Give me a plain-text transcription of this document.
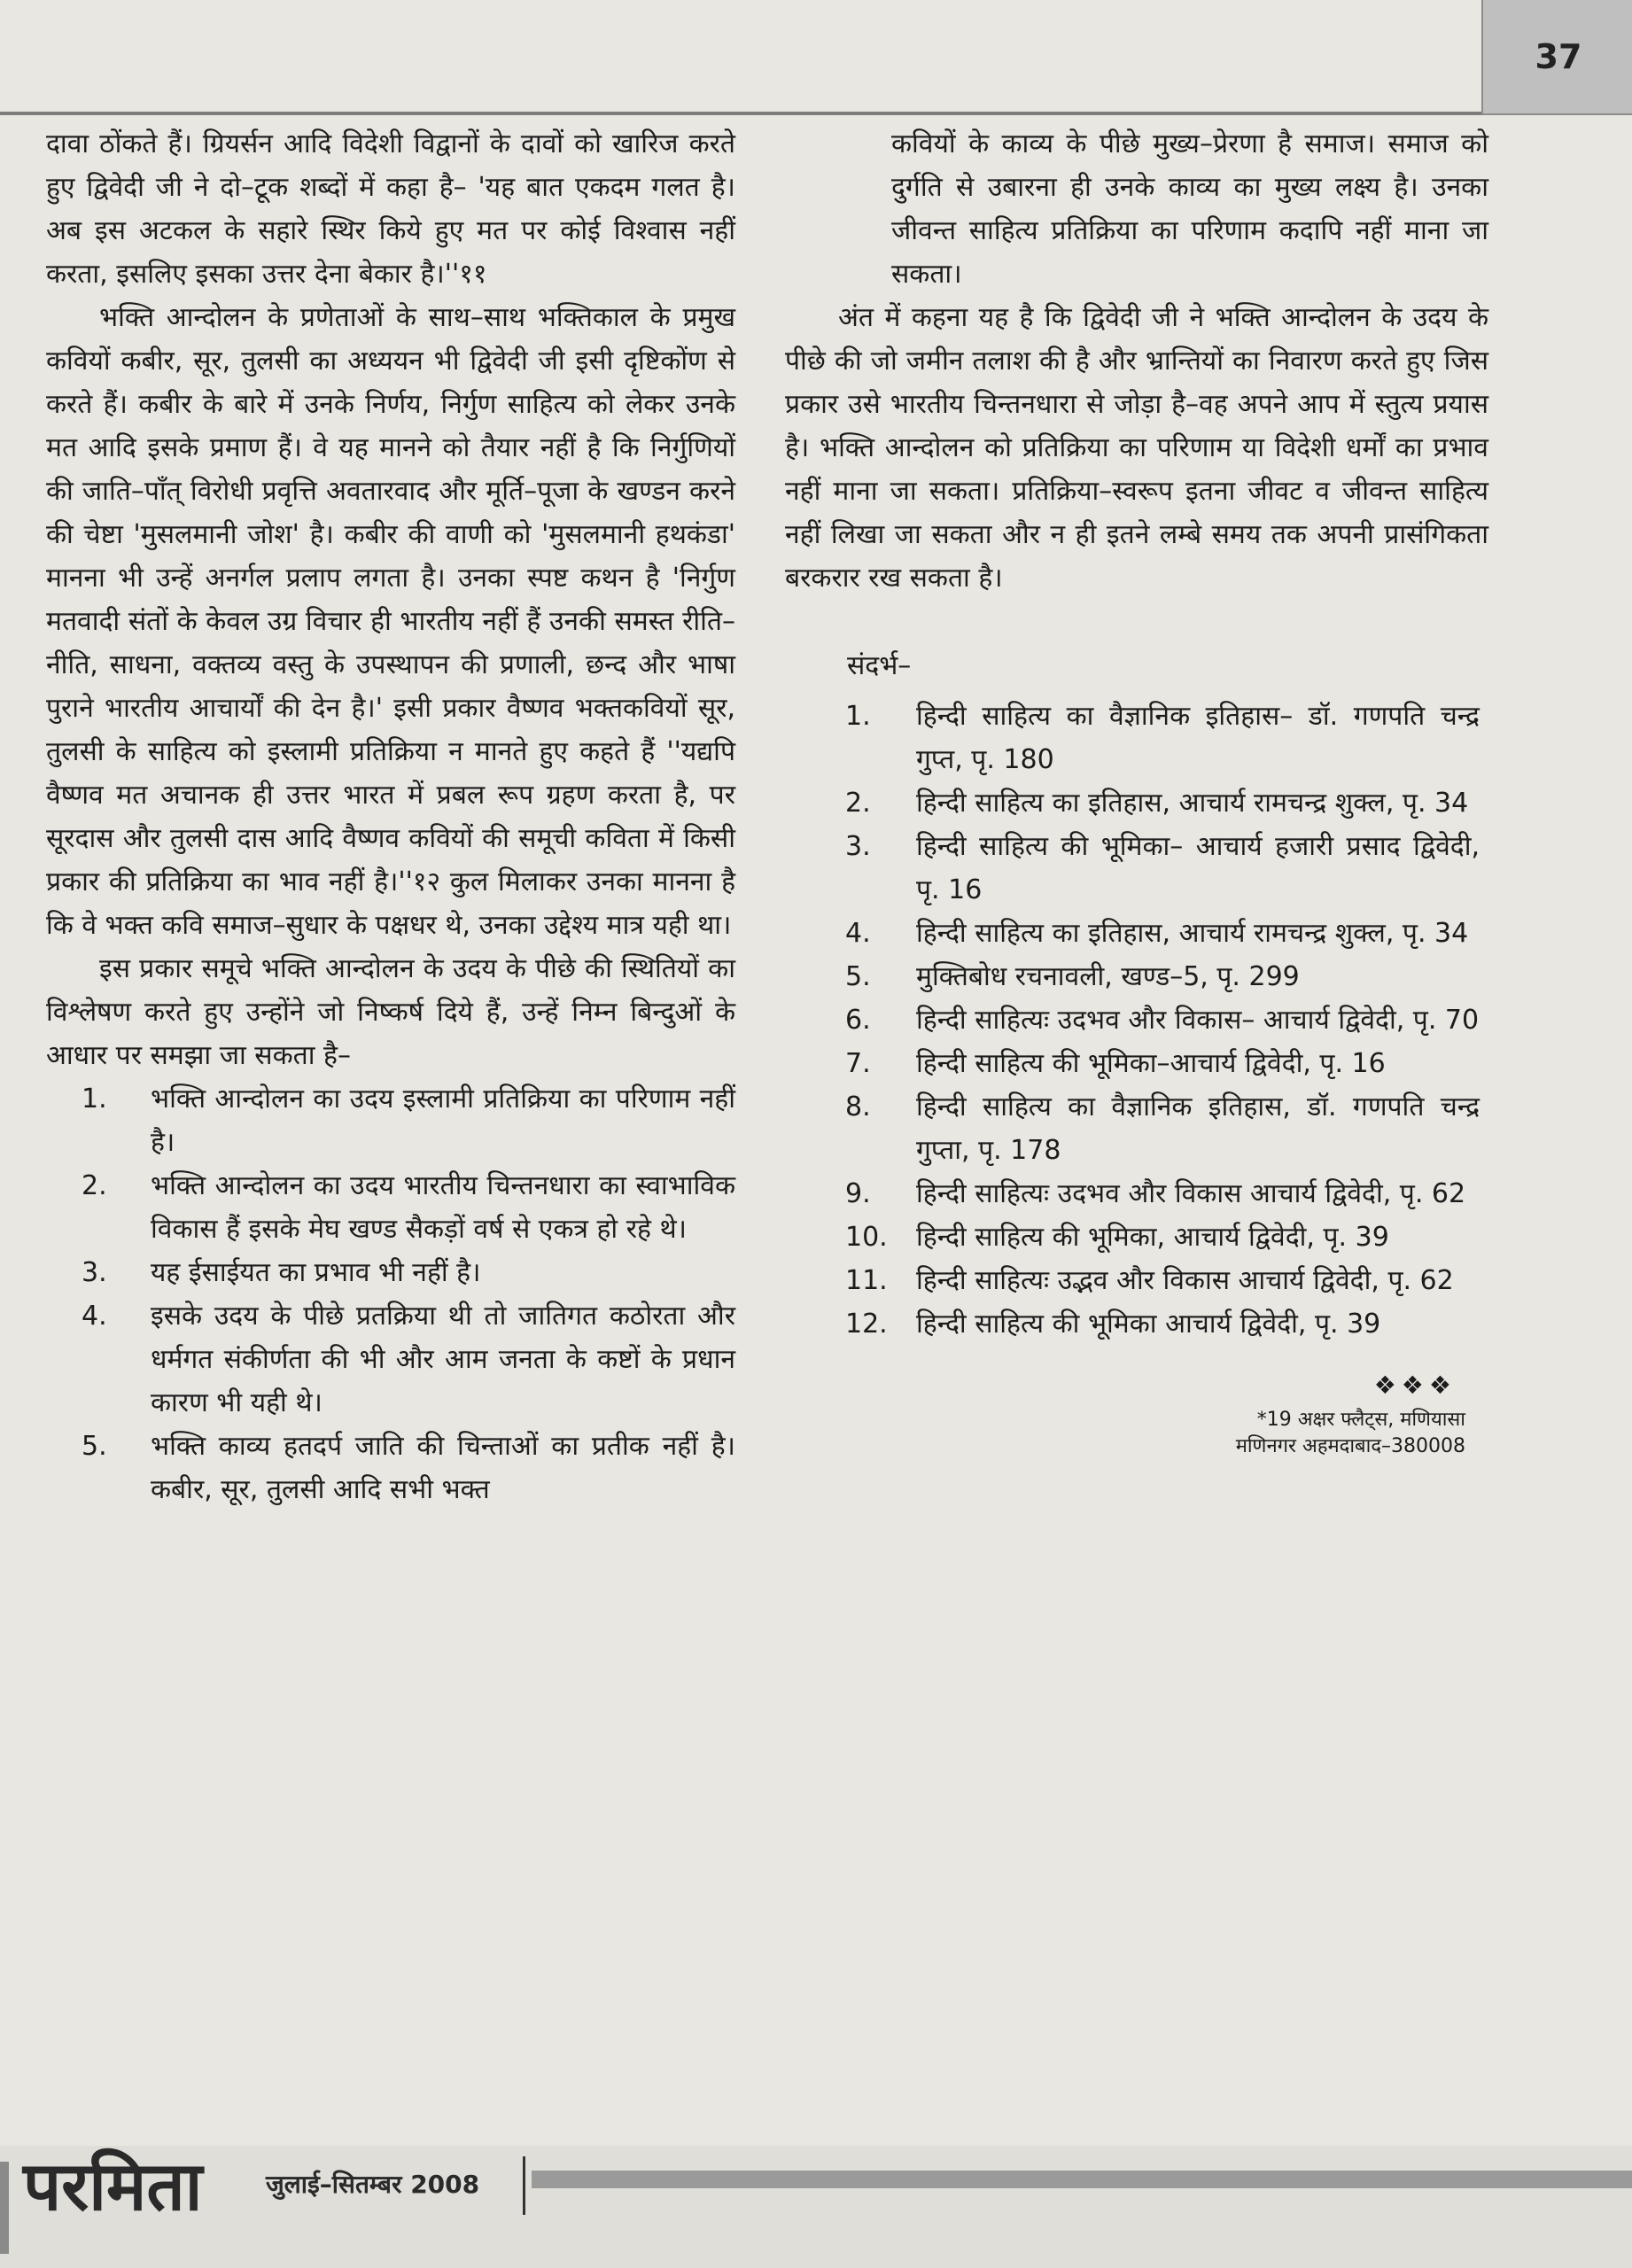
37

दावा ठोंकते हैं। ग्रियर्सन आदि विदेशी विद्वानों के दावों को खारिज करते हुए द्विवेदी जी ने दो–टूक शब्दों में कहा है– 'यह बात एकदम गलत है। अब इस अटकल के सहारे स्थिर किये हुए मत पर कोई विश्वास नहीं करता, इसलिए इसका उत्तर देना बेकार है।''११

भक्ति आन्दोलन के प्रणेताओं के साथ–साथ भक्तिकाल के प्रमुख कवियों कबीर, सूर, तुलसी का अध्ययन भी द्विवेदी जी इसी दृष्टिकोंण से करते हैं। कबीर के बारे में उनके निर्णय, निर्गुण साहित्य को लेकर उनके मत आदि इसके प्रमाण हैं। वे यह मानने को तैयार नहीं है कि निर्गुणियों की जाति–पाँत् विरोधी प्रवृत्ति अवतारवाद और मूर्ति–पूजा के खण्डन करने की चेष्टा 'मुसलमानी जोश' है। कबीर की वाणी को 'मुसलमानी हथकंडा' मानना भी उन्हें अनर्गल प्रलाप लगता है। उनका स्पष्ट कथन है 'निर्गुण मतवादी संतों के केवल उग्र विचार ही भारतीय नहीं हैं उनकी समस्त रीति–नीति, साधना, वक्तव्य वस्तु के उपस्थापन की प्रणाली, छन्द और भाषा पुराने भारतीय आचार्यों की देन है।' इसी प्रकार वैष्णव भक्तकवियों सूर, तुलसी के साहित्य को इस्लामी प्रतिक्रिया न मानते हुए कहते हैं ''यद्यपि वैष्णव मत अचानक ही उत्तर भारत में प्रबल रूप ग्रहण करता है, पर सूरदास और तुलसी दास आदि वैष्णव कवियों की समूची कविता में किसी प्रकार की प्रतिक्रिया का भाव नहीं है।''१२ कुल मिलाकर उनका मानना है कि वे भक्त कवि समाज–सुधार के पक्षधर थे, उनका उद्देश्य मात्र यही था।

इस प्रकार समूचे भक्ति आन्दोलन के उदय के पीछे की स्थितियों का विश्लेषण करते हुए उन्होंने जो निष्कर्ष दिये हैं, उन्हें निम्न बिन्दुओं के आधार पर समझा जा सकता है–

1. भक्ति आन्दोलन का उदय इस्लामी प्रतिक्रिया का परिणाम नहीं है।
2. भक्ति आन्दोलन का उदय भारतीय चिन्तनधारा का स्वाभाविक विकास हैं इसके मेघ खण्ड सैकड़ों वर्ष से एकत्र हो रहे थे।
3. यह ईसाईयत का प्रभाव भी नहीं है।
4. इसके उदय के पीछे प्रतक्रिया थी तो जातिगत कठोरता और धर्मगत संकीर्णता की भी और आम जनता के कष्टों के प्रधान कारण भी यही थे।
5. भक्ति काव्य हतदर्प जाति की चिन्ताओं का प्रतीक नहीं है। कबीर, सूर, तुलसी आदि सभी भक्त

कवियों के काव्य के पीछे मुख्य–प्रेरणा है समाज। समाज को दुर्गति से उबारना ही उनके काव्य का मुख्य लक्ष्य है। उनका जीवन्त साहित्य प्रतिक्रिया का परिणाम कदापि नहीं माना जा सकता।

अंत में कहना यह है कि द्विवेदी जी ने भक्ति आन्दोलन के उदय के पीछे की जो जमीन तलाश की है और भ्रान्तियों का निवारण करते हुए जिस प्रकार उसे भारतीय चिन्तनधारा से जोड़ा है–वह अपने आप में स्तुत्य प्रयास है। भक्ति आन्दोलन को प्रतिक्रिया का परिणाम या विदेशी धर्मों का प्रभाव नहीं माना जा सकता। प्रतिक्रिया–स्वरूप इतना जीवट व जीवन्त साहित्य नहीं लिखा जा सकता और न ही इतने लम्बे समय तक अपनी प्रासंगिकता बरकरार रख सकता है।

संदर्भ–

1. हिन्दी साहित्य का वैज्ञानिक इतिहास– डॉ. गणपति चन्द्र गुप्त, पृ. 180
2. हिन्दी साहित्य का इतिहास, आचार्य रामचन्द्र शुक्ल, पृ. 34
3. हिन्दी साहित्य की भूमिका– आचार्य हजारी प्रसाद द्विवेदी, पृ. 16
4. हिन्दी साहित्य का इतिहास, आचार्य रामचन्द्र शुक्ल, पृ. 34
5. मुक्तिबोध रचनावली, खण्ड–5, पृ. 299
6. हिन्दी साहित्यः उदभव और विकास– आचार्य द्विवेदी, पृ. 70
7. हिन्दी साहित्य की भूमिका–आचार्य द्विवेदी, पृ. 16
8. हिन्दी साहित्य का वैज्ञानिक इतिहास, डॉ. गणपति चन्द्र गुप्ता, पृ. 178
9. हिन्दी साहित्यः उदभव और विकास आचार्य द्विवेदी, पृ. 62
10. हिन्दी साहित्य की भूमिका, आचार्य द्विवेदी, पृ. 39
11. हिन्दी साहित्यः उद्भव और विकास आचार्य द्विवेदी, पृ. 62
12. हिन्दी साहित्य की भूमिका आचार्य द्विवेदी, पृ. 39

❖❖❖

*19 अक्षर फ्लैट्स, मणियासा

मणिनगर अहमदाबाद–380008

परमिता	जुलाई–सितम्बर 2008
